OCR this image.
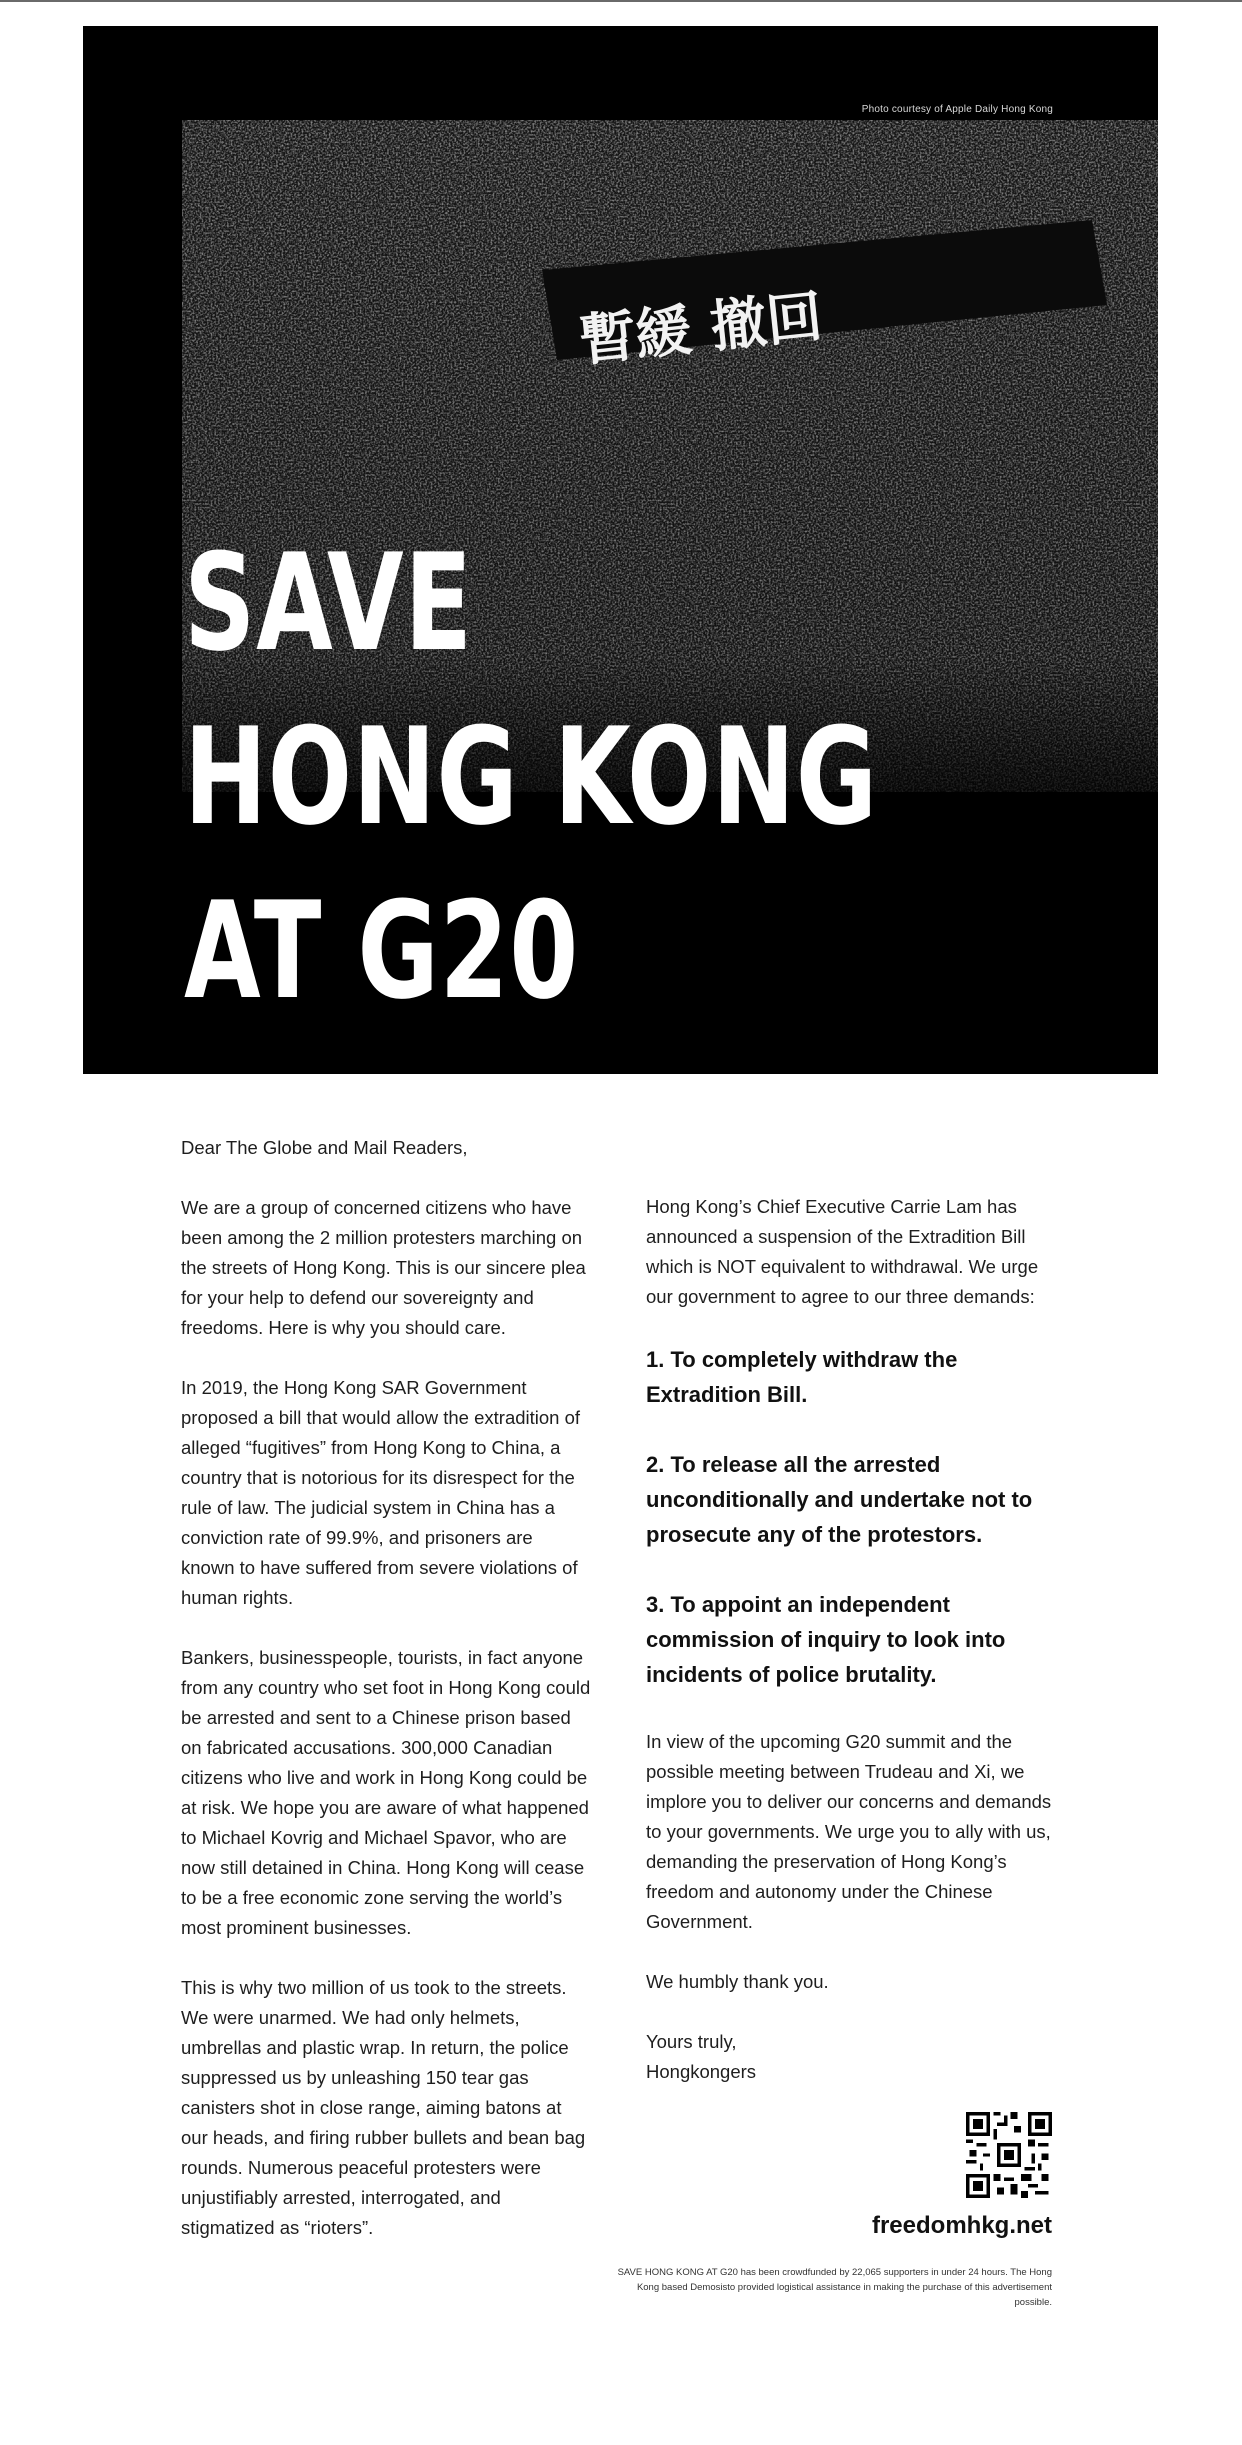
暫緩 撤回
Photo courtesy of Apple Daily Hong Kong
SAVE
HONG KONG
AT G20

Dear The Globe and Mail Readers,

We are a group of concerned citizens who have been among the 2 million protesters marching on the streets of Hong Kong. This is our sincere plea for your help to defend our sovereignty and freedoms. Here is why you should care.

In 2019, the Hong Kong SAR Government proposed a bill that would allow the extradition of alleged “fugitives” from Hong Kong to China, a country that is notorious for its disrespect for the rule of law. The judicial system in China has a conviction rate of 99.9%, and prisoners are known to have suffered from severe violations of human rights.

Bankers, businesspeople, tourists, in fact anyone from any country who set foot in Hong Kong could be arrested and sent to a Chinese prison based on fabricated accusations. 300,000 Canadian citizens who live and work in Hong Kong could be at risk. We hope you are aware of what happened to Michael Kovrig and Michael Spavor, who are now still detained in China. Hong Kong will cease to be a free economic zone serving the world’s most prominent businesses.

This is why two million of us took to the streets. We were unarmed. We had only helmets, umbrellas and plastic wrap. In return, the police suppressed us by unleashing 150 tear gas canisters shot in close range, aiming batons at our heads, and firing rubber bullets and bean bag rounds. Numerous peaceful protesters were unjustifiably arrested, interrogated, and stigmatized as “rioters”.

Hong Kong’s Chief Executive Carrie Lam has announced a suspension of the Extradition Bill which is NOT equivalent to withdrawal. We urge our government to agree to our three demands:

1. To completely withdraw the Extradition Bill.
2. To release all the arrested unconditionally and undertake not to prosecute any of the protestors.
3. To appoint an independent commission of inquiry to look into incidents of police brutality.

In view of the upcoming G20 summit and the possible meeting between Trudeau and Xi, we implore you to deliver our concerns and demands to your governments. We urge you to ally with us, demanding the preservation of Hong Kong’s freedom and autonomy under the Chinese Government.

We humbly thank you.

Yours truly,

Hongkongers

freedomhkg.net
SAVE HONG KONG AT G20 has been crowdfunded by 22,065 supporters in under 24 hours. The Hong Kong based Demosisto provided logistical assistance in making the purchase of this advertisement possible.
